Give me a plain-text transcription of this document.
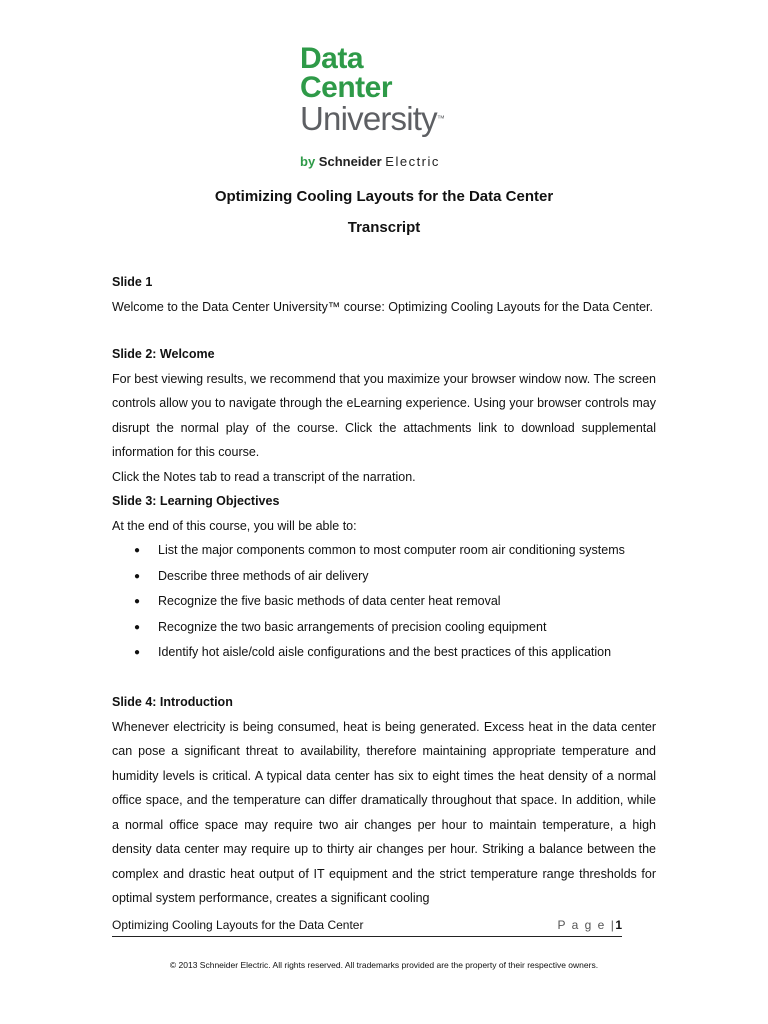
Data
Center
University™
by Schneider Electric
Optimizing Cooling Layouts for the Data Center
Transcript
Slide 1
Welcome to the Data Center University™ course: Optimizing Cooling Layouts for the Data Center.
Slide 2: Welcome
For best viewing results, we recommend that you maximize your browser window now. The screen controls allow you to navigate through the eLearning experience. Using your browser controls may disrupt the normal play of the course. Click the attachments link to download supplemental information for this course.
Click the Notes tab to read a transcript of the narration.
Slide 3: Learning Objectives
At the end of this course, you will be able to:
● List the major components common to most computer room air conditioning systems
● Describe three methods of air delivery
● Recognize the five basic methods of data center heat removal
● Recognize the two basic arrangements of precision cooling equipment
● Identify hot aisle/cold aisle configurations and the best practices of this application
Slide 4: Introduction
Whenever electricity is being consumed, heat is being generated. Excess heat in the data center can pose a significant threat to availability, therefore maintaining appropriate temperature and humidity levels is critical. A typical data center has six to eight times the heat density of a normal office space, and the temperature can differ dramatically throughout that space. In addition, while a normal office space may require two air changes per hour to maintain temperature, a high density data center may require up to thirty air changes per hour. Striking a balance between the complex and drastic heat output of IT equipment and the strict temperature range thresholds for optimal system performance, creates a significant cooling
Optimizing Cooling Layouts for the Data Center	P a g e |1
© 2013 Schneider Electric. All rights reserved. All trademarks provided are the property of their respective owners.
